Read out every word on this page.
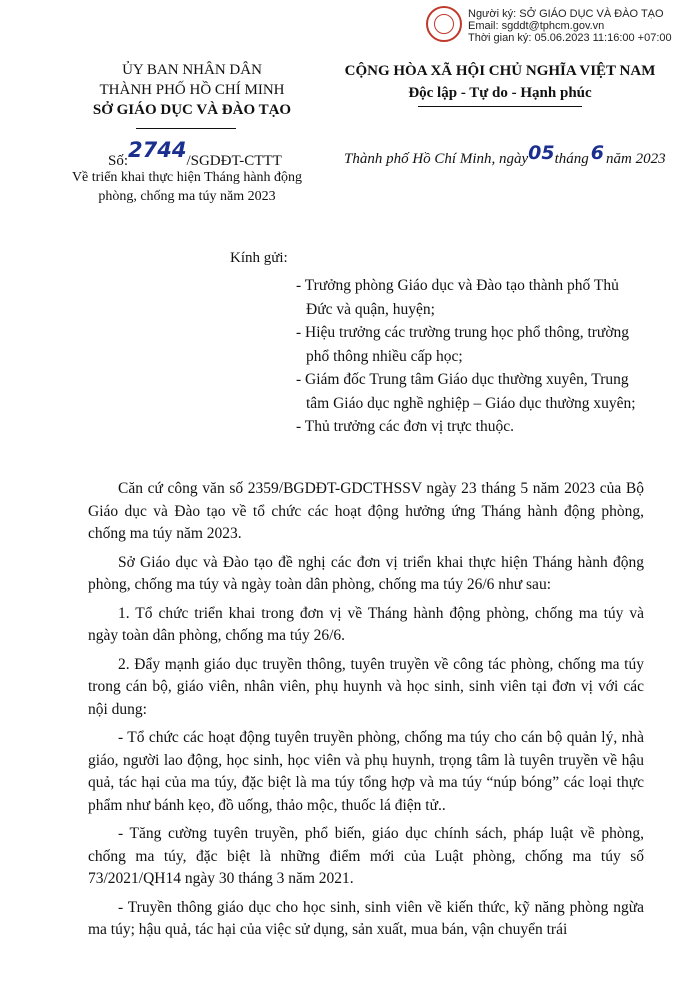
Người ký: SỞ GIÁO DỤC VÀ ĐÀO TẠO
Email: sgddt@tphcm.gov.vn
Thời gian ký: 05.06.2023 11:16:00 +07:00
ỦY BAN NHÂN DÂN
THÀNH PHỐ HỒ CHÍ MINH
SỞ GIÁO DỤC VÀ ĐÀO TẠO
CỘNG HÒA XÃ HỘI CHỦ NGHĨA VIỆT NAM
Độc lập - Tự do - Hạnh phúc
Số:2744/SGDĐT-CTTT
Về triển khai thực hiện Tháng hành động
phòng, chống ma túy năm 2023
Thành phố Hồ Chí Minh, ngày05tháng 6 năm 2023
Kính gửi:
- Trưởng phòng Giáo dục và Đào tạo thành phố Thủ
Đức và quận, huyện;
- Hiệu trưởng các trường trung học phổ thông, trường
phổ thông nhiều cấp học;
- Giám đốc Trung tâm Giáo dục thường xuyên, Trung
tâm Giáo dục nghề nghiệp – Giáo dục thường xuyên;
- Thủ trưởng các đơn vị trực thuộc.
Căn cứ công văn số 2359/BGDĐT-GDCTHSSV ngày 23 tháng 5 năm 2023 của Bộ Giáo dục và Đào tạo về tổ chức các hoạt động hưởng ứng Tháng hành động phòng, chống ma túy năm 2023.
Sở Giáo dục và Đào tạo đề nghị các đơn vị triển khai thực hiện Tháng hành động phòng, chống ma túy và ngày toàn dân phòng, chống ma túy 26/6 như sau:
1. Tổ chức triển khai trong đơn vị về Tháng hành động phòng, chống ma túy và ngày toàn dân phòng, chống ma túy 26/6.
2. Đẩy mạnh giáo dục truyền thông, tuyên truyền về công tác phòng, chống ma túy trong cán bộ, giáo viên, nhân viên, phụ huynh và học sinh, sinh viên tại đơn vị với các nội dung:
- Tổ chức các hoạt động tuyên truyền phòng, chống ma túy cho cán bộ quản lý, nhà giáo, người lao động, học sinh, học viên và phụ huynh, trọng tâm là tuyên truyền về hậu quả, tác hại của ma túy, đặc biệt là ma túy tổng hợp và ma túy “núp bóng” các loại thực phẩm như bánh kẹo, đồ uống, thảo mộc, thuốc lá điện tử..
- Tăng cường tuyên truyền, phổ biến, giáo dục chính sách, pháp luật về phòng, chống ma túy, đặc biệt là những điểm mới của Luật phòng, chống ma túy số 73/2021/QH14 ngày 30 tháng 3 năm 2021.
- Truyền thông giáo dục cho học sinh, sinh viên về kiến thức, kỹ năng phòng ngừa ma túy; hậu quả, tác hại của việc sử dụng, sản xuất, mua bán, vận chuyển trái
